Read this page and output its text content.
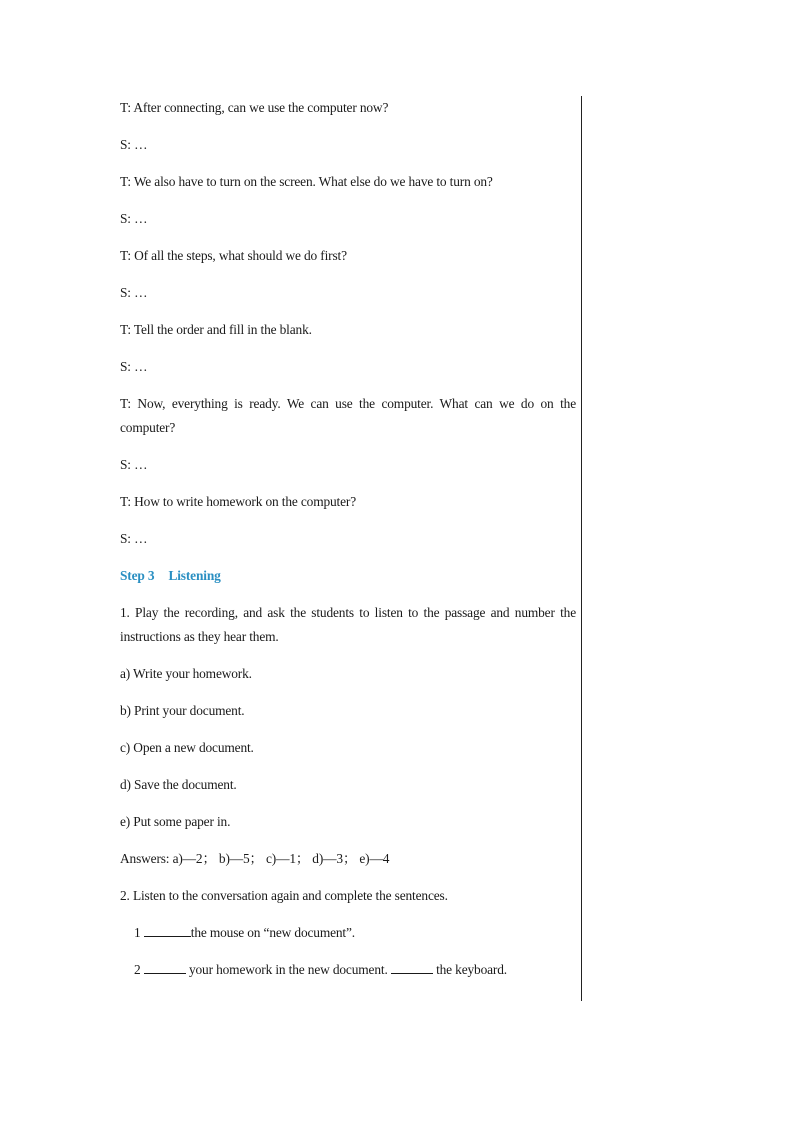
T: After connecting, can we use the computer now?

S: …

T: We also have to turn on the screen. What else do we have to turn on?

S: …

T: Of all the steps, what should we do first?

S: …

T: Tell the order and fill in the blank.

S: …

T: Now, everything is ready. We can use the computer. What can we do on the computer?

S: …

T: How to write homework on the computer?

S: …

Step 3 Listening

1. Play the recording, and ask the students to listen to the passage and number the instructions as they hear them.

a) Write your homework.

b) Print your document.

c) Open a new document.

d) Save the document.

e) Put some paper in.

Answers: a)—2； b)—5； c)—1； d)—3； e)—4

2. Listen to the conversation again and complete the sentences.

1	the mouse on “new document”.

2	your homework in the new document.	the keyboard.
